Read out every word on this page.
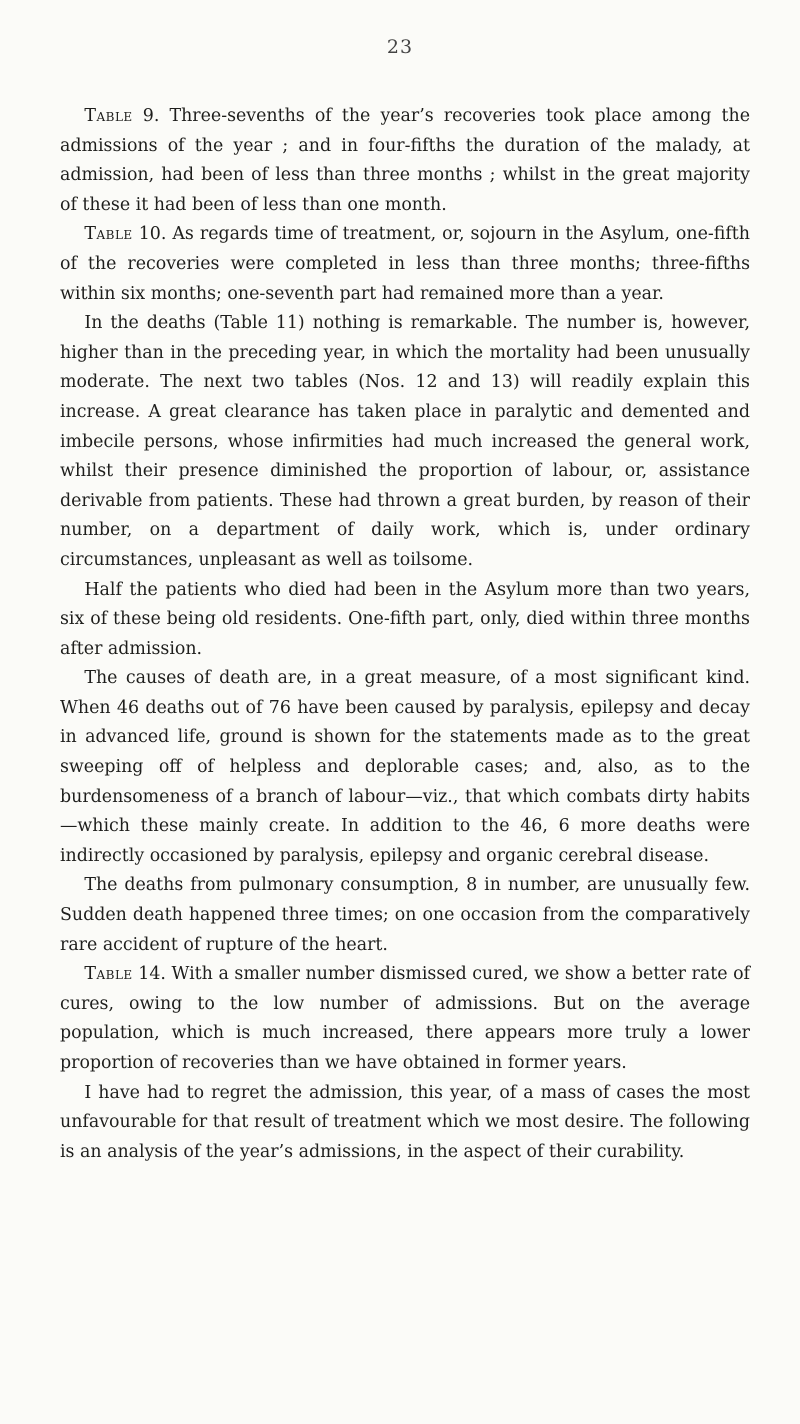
23

Table 9. Three-sevenths of the year’s recoveries took place among the admissions of the year ; and in four-fifths the duration of the malady, at admission, had been of less than three months ; whilst in the great majority of these it had been of less than one month.

Table 10. As regards time of treatment, or, sojourn in the Asylum, one-fifth of the recoveries were completed in less than three months; three-fifths within six months; one-seventh part had remained more than a year.

In the deaths (Table 11) nothing is remarkable. The number is, however, higher than in the preceding year, in which the mortality had been unusually moderate. The next two tables (Nos. 12 and 13) will readily explain this increase. A great clearance has taken place in paralytic and demented and imbecile persons, whose infirmities had much increased the general work, whilst their presence diminished the proportion of labour, or, assistance derivable from patients. These had thrown a great burden, by reason of their number, on a department of daily work, which is, under ordinary circumstances, unpleasant as well as toilsome.

Half the patients who died had been in the Asylum more than two years, six of these being old residents. One-fifth part, only, died within three months after admission.

The causes of death are, in a great measure, of a most significant kind. When 46 deaths out of 76 have been caused by paralysis, epilepsy and decay in advanced life, ground is shown for the statements made as to the great sweeping off of helpless and deplorable cases; and, also, as to the burdensomeness of a branch of labour—viz., that which combats dirty habits—which these mainly create. In addition to the 46, 6 more deaths were indirectly occasioned by paralysis, epilepsy and organic cerebral disease.

The deaths from pulmonary consumption, 8 in number, are unusually few. Sudden death happened three times; on one occasion from the comparatively rare accident of rupture of the heart.

Table 14. With a smaller number dismissed cured, we show a better rate of cures, owing to the low number of admissions. But on the average population, which is much increased, there appears more truly a lower proportion of recoveries than we have obtained in former years.

I have had to regret the admission, this year, of a mass of cases the most unfavourable for that result of treatment which we most desire. The following is an analysis of the year’s admissions, in the aspect of their curability.
